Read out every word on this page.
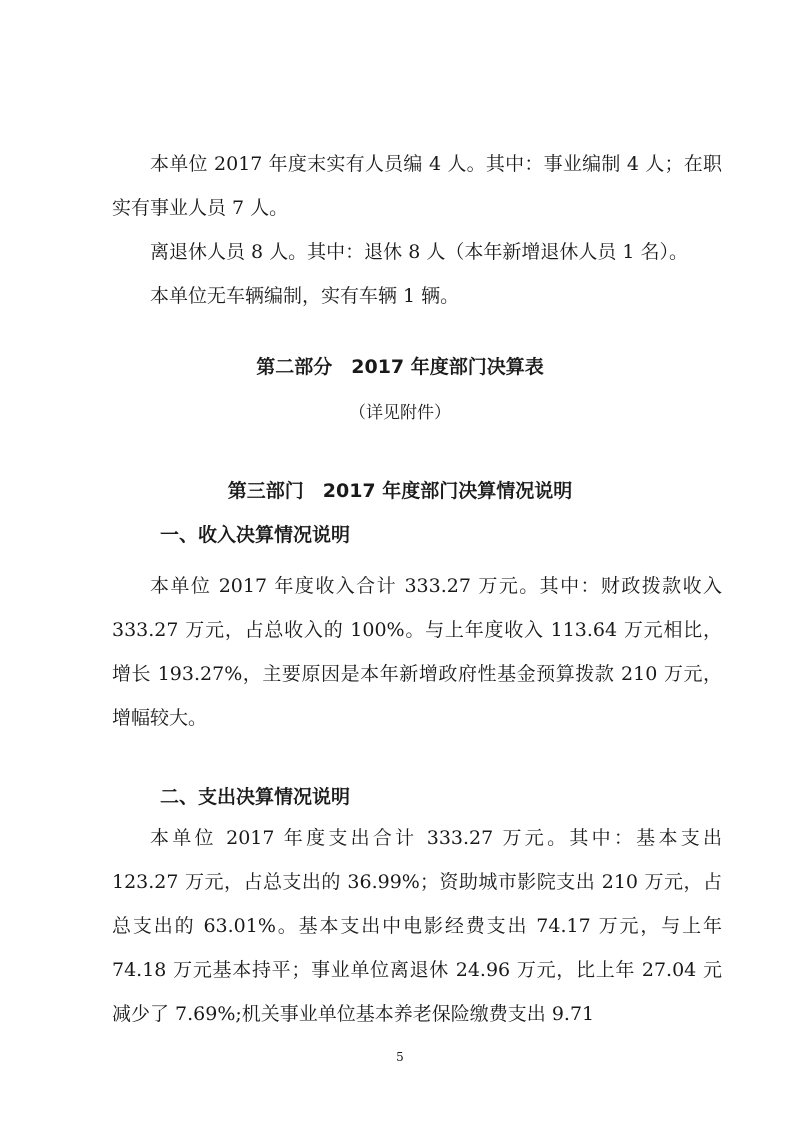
本单位 2017 年度末实有人员编 4 人。其中：事业编制 4 人；在职实有事业人员 7 人。

离退休人员 8 人。其中：退休 8 人（本年新增退休人员 1 名）。

本单位无车辆编制，实有车辆 1 辆。

第二部分　2017 年度部门决算表

（详见附件）

第三部门　2017 年度部门决算情况说明

一、收入决算情况说明

本单位 2017 年度收入合计 333.27 万元。其中：财政拨款收入 333.27 万元，占总收入的 100%。与上年度收入 113.64 万元相比，增长 193.27%，主要原因是本年新增政府性基金预算拨款 210 万元，增幅较大。

二、支出决算情况说明

本单位 2017 年度支出合计 333.27 万元。其中：基本支出 123.27 万元，占总支出的 36.99%；资助城市影院支出 210 万元，占总支出的 63.01%。基本支出中电影经费支出 74.17 万元，与上年 74.18 万元基本持平；事业单位离退休 24.96 万元，比上年 27.04 元减少了 7.69%;机关事业单位基本养老保险缴费支出 9.71

5
